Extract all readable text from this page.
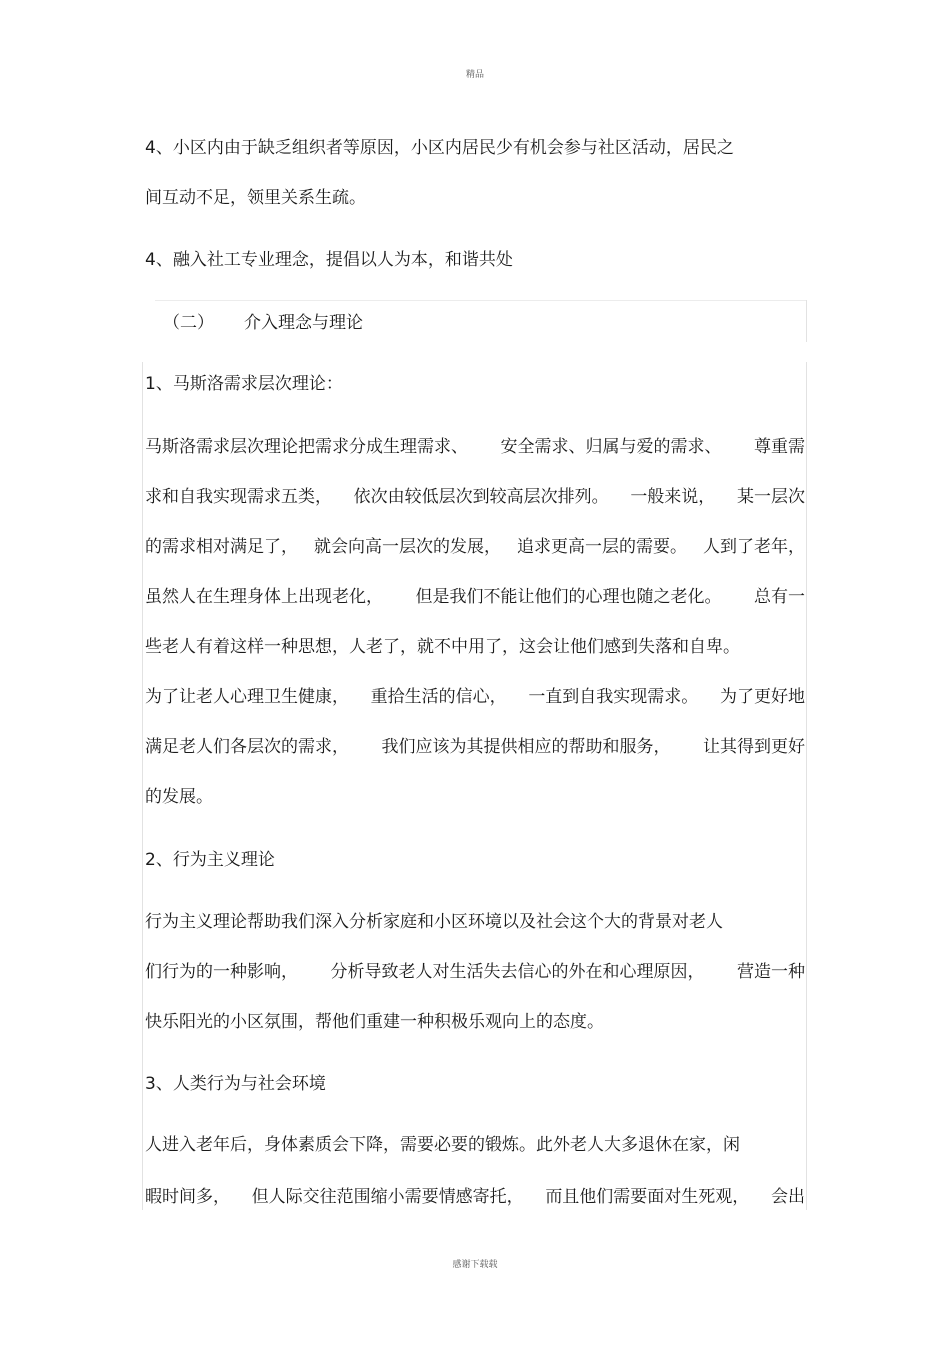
精品
4、小区内由于缺乏组织者等原因，小区内居民少有机会参与社区活动，居民之
间互动不足，领里关系生疏。
4、融入社工专业理念，提倡以人为本，和谐共处
（二） 介入理念与理论
1、马斯洛需求层次理论：
马斯洛需求层次理论把需求分成生理需求、 安全需求、归属与爱的需求、 尊重需
求和自我实现需求五类， 依次由较低层次到较高层次排列。 一般来说， 某一层次
的需求相对满足了， 就会向高一层次的发展， 追求更高一层的需要。 人到了老年，
虽然人在生理身体上出现老化， 但是我们不能让他们的心理也随之老化。 总有一
些老人有着这样一种思想，人老了，就不中用了，这会让他们感到失落和自卑。
为了让老人心理卫生健康， 重拾生活的信心， 一直到自我实现需求。 为了更好地
满足老人们各层次的需求， 我们应该为其提供相应的帮助和服务， 让其得到更好
的发展。
2、行为主义理论
行为主义理论帮助我们深入分析家庭和小区环境以及社会这个大的背景对老人
们行为的一种影响， 分析导致老人对生活失去信心的外在和心理原因， 营造一种
快乐阳光的小区氛围，帮他们重建一种积极乐观向上的态度。
3、人类行为与社会环境
人进入老年后，身体素质会下降，需要必要的锻炼。此外老人大多退休在家，闲
暇时间多， 但人际交往范围缩小需要情感寄托， 而且他们需要面对生死观， 会出
感谢下载载
